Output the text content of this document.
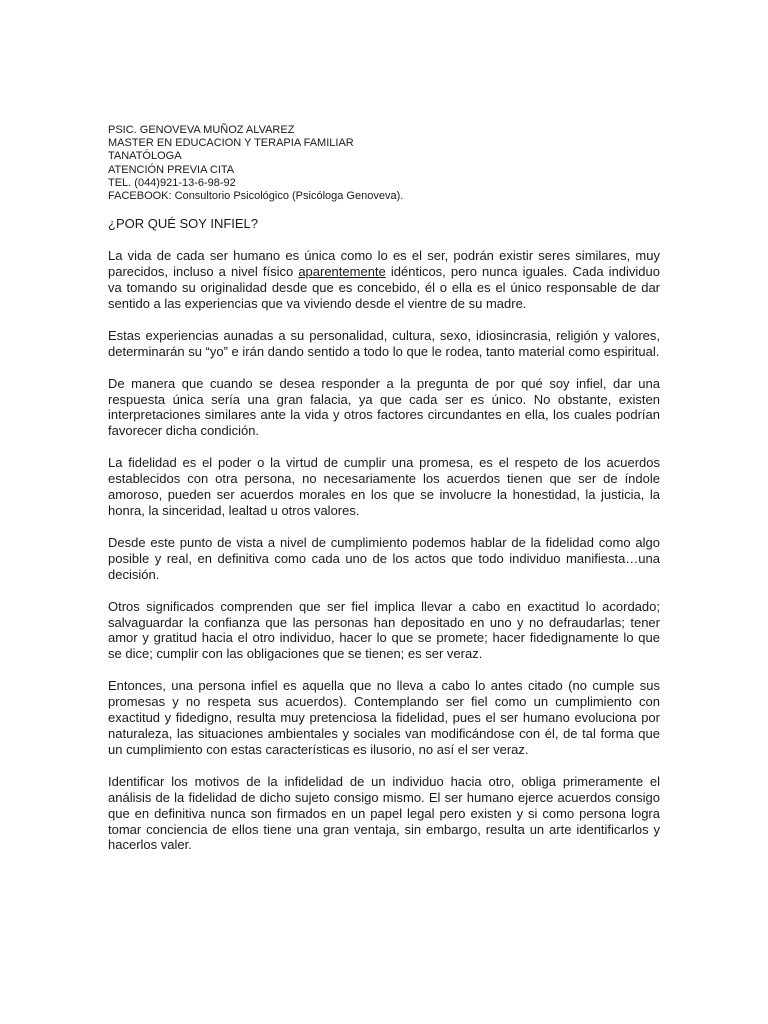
PSIC. GENOVEVA MUÑOZ ALVAREZ
MASTER EN EDUCACION Y TERAPIA FAMILIAR
TANATÓLOGA
ATENCIÓN PREVIA CITA
TEL. (044)921-13-6-98-92
FACEBOOK: Consultorio Psicológico (Psicóloga Genoveva).
¿POR QUÉ SOY INFIEL?

La vida de cada ser humano es única como lo es el ser, podrán existir seres similares, muy parecidos, incluso a nivel físico aparentemente idénticos, pero nunca iguales. Cada individuo va tomando su originalidad desde que es concebido, él o ella es el único responsable de dar sentido a las experiencias que va viviendo desde el vientre de su madre.

Estas experiencias aunadas a su personalidad, cultura, sexo, idiosincrasia, religión y valores, determinarán su “yo” e irán dando sentido a todo lo que le rodea, tanto material como espiritual.

De manera que cuando se desea responder a la pregunta de por qué soy infiel, dar una respuesta única sería una gran falacia, ya que cada ser es único. No obstante, existen interpretaciones similares ante la vida y otros factores circundantes en ella, los cuales podrían favorecer dicha condición.

La fidelidad es el poder o la virtud de cumplir una promesa, es el respeto de los acuerdos establecidos con otra persona, no necesariamente los acuerdos tienen que ser de índole amoroso, pueden ser acuerdos morales en los que se involucre la honestidad, la justicia, la honra, la sinceridad, lealtad u otros valores.

Desde este punto de vista a nivel de cumplimiento podemos hablar de la fidelidad como algo posible y real, en definitiva como cada uno de los actos que todo individuo manifiesta…una decisión.

Otros significados comprenden que ser fiel implica llevar a cabo en exactitud lo acordado; salvaguardar la confianza que las personas han depositado en uno y no defraudarlas; tener amor y gratitud hacia el otro individuo, hacer lo que se promete; hacer fidedignamente lo que se dice; cumplir con las obligaciones que se tienen; es ser veraz.

Entonces, una persona infiel es aquella que no lleva a cabo lo antes citado (no cumple sus promesas y no respeta sus acuerdos). Contemplando ser fiel como un cumplimiento con exactitud y fidedigno, resulta muy pretenciosa la fidelidad, pues el ser humano evoluciona por naturaleza, las situaciones ambientales y sociales van modificándose con él, de tal forma que un cumplimiento con estas características es ilusorio, no así el ser veraz.

Identificar los motivos de la infidelidad de un individuo hacia otro, obliga primeramente el análisis de la fidelidad de dicho sujeto consigo mismo. El ser humano ejerce acuerdos consigo que en definitiva nunca son firmados en un papel legal pero existen y si como persona logra tomar conciencia de ellos tiene una gran ventaja, sin embargo, resulta un arte identificarlos y hacerlos valer.
